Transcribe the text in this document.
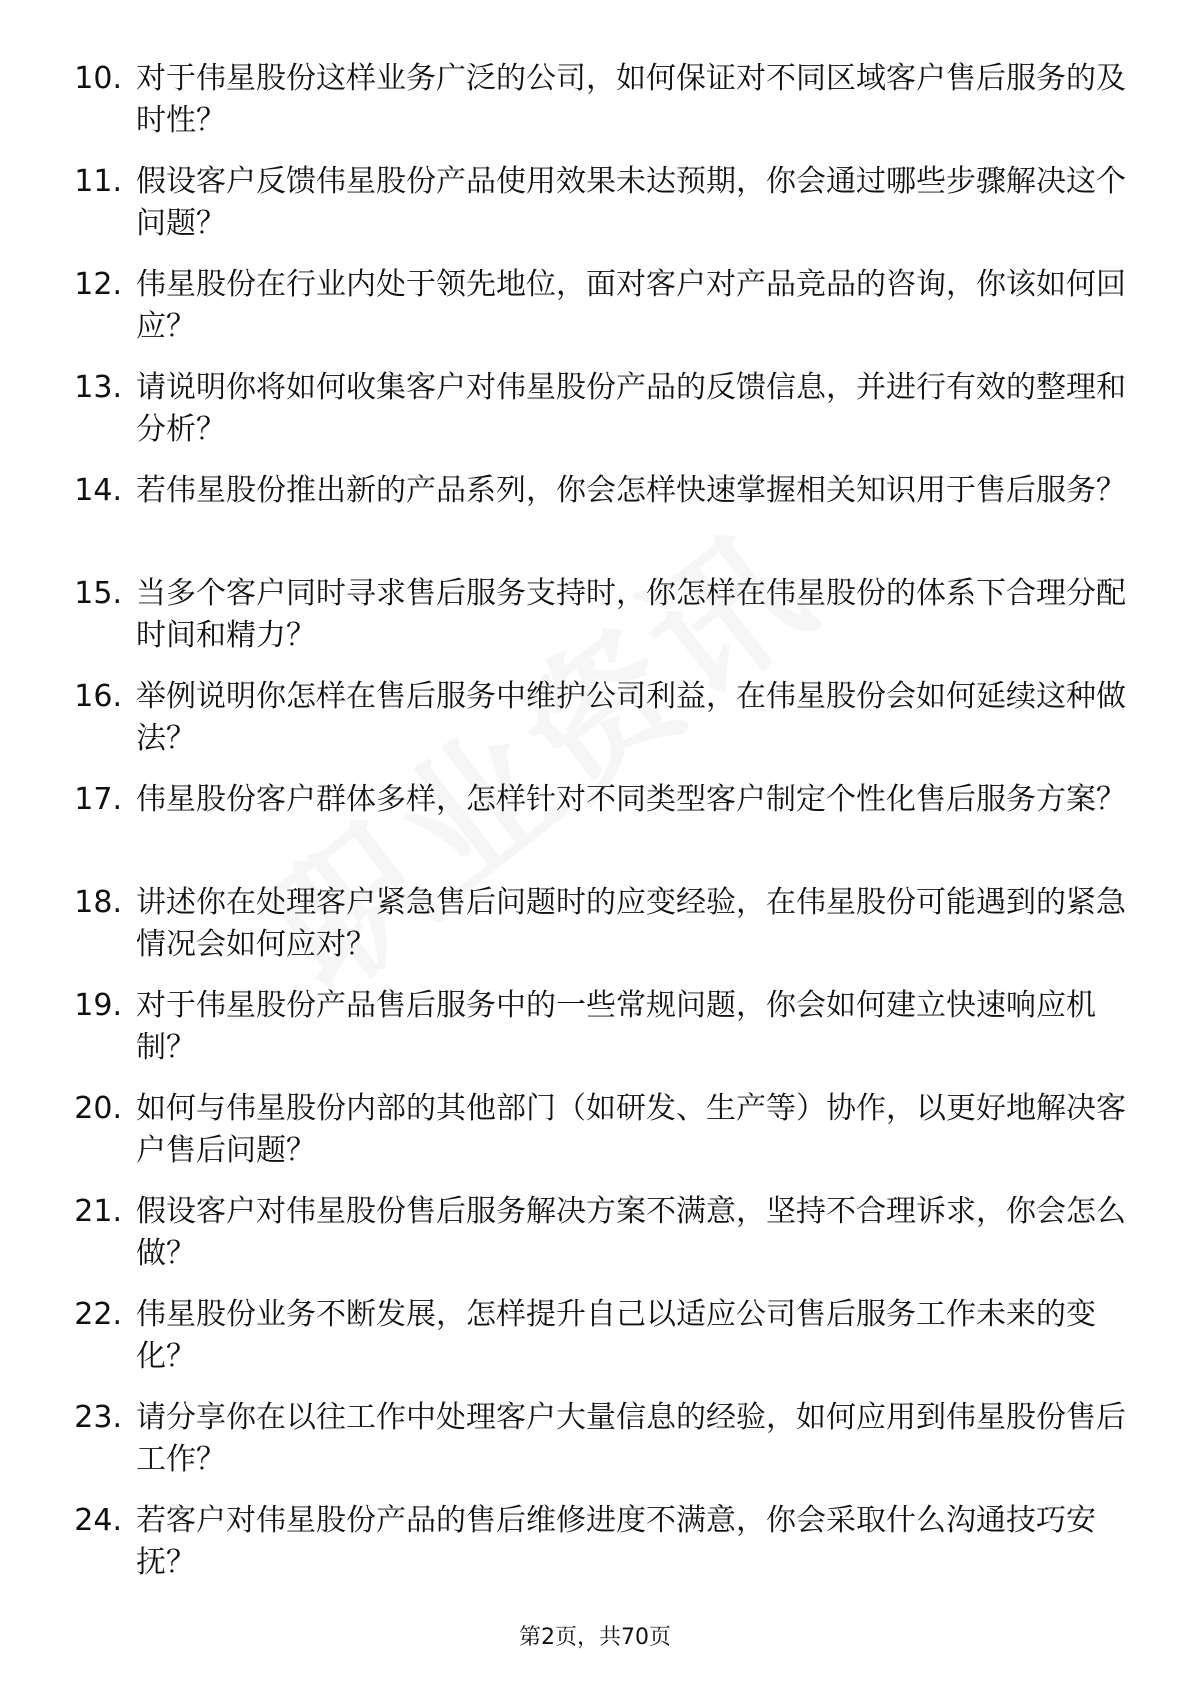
10. 对于伟星股份这样业务广泛的公司，如何保证对不同区域客户售后服务的及时性？
11. 假设客户反馈伟星股份产品使用效果未达预期，你会通过哪些步骤解决这个问题？
12. 伟星股份在行业内处于领先地位，面对客户对产品竞品的咨询，你该如何回应？
13. 请说明你将如何收集客户对伟星股份产品的反馈信息，并进行有效的整理和分析？
14. 若伟星股份推出新的产品系列，你会怎样快速掌握相关知识用于售后服务？
15. 当多个客户同时寻求售后服务支持时，你怎样在伟星股份的体系下合理分配时间和精力？
16. 举例说明你怎样在售后服务中维护公司利益，在伟星股份会如何延续这种做法？
17. 伟星股份客户群体多样，怎样针对不同类型客户制定个性化售后服务方案？
18. 讲述你在处理客户紧急售后问题时的应变经验，在伟星股份可能遇到的紧急情况会如何应对？
19. 对于伟星股份产品售后服务中的一些常规问题，你会如何建立快速响应机制？
20. 如何与伟星股份内部的其他部门（如研发、生产等）协作，以更好地解决客户售后问题？
21. 假设客户对伟星股份售后服务解决方案不满意，坚持不合理诉求，你会怎么做？
22. 伟星股份业务不断发展，怎样提升自己以适应公司售后服务工作未来的变化？
23. 请分享你在以往工作中处理客户大量信息的经验，如何应用到伟星股份售后工作？
24. 若客户对伟星股份产品的售后维修进度不满意，你会采取什么沟通技巧安抚？
第2页，共70页
